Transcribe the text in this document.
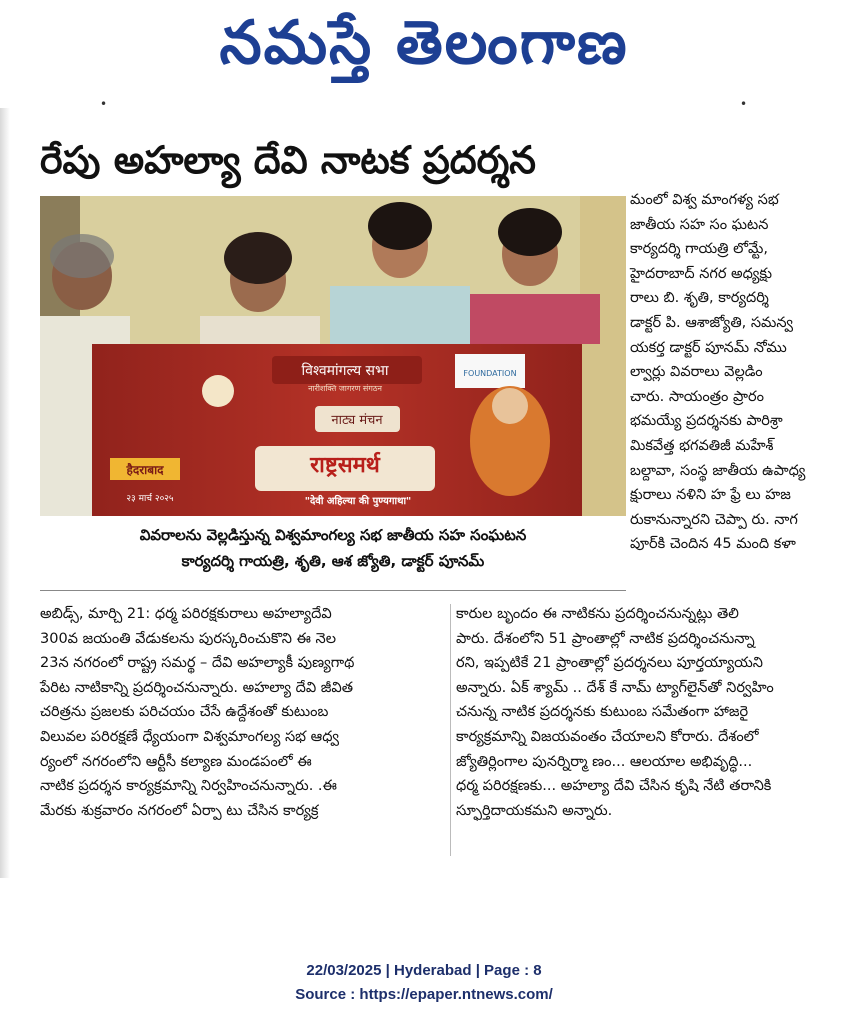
నమస్తే తెలంగాణ
•	•
రేపు అహల్యా దేవి నాటక ప్రదర్శన
विश्वमांगल्य सभा
नारीशक्ति जागरण संगठन
FOUNDATION
नाट्य मंचन
हैदराबाद	राष्ट्रसमर्थ
"देवी अहिल्या की पुण्यगाथा"
२३ मार्च २०२५
వివరాలను వెల్లడిస్తున్న విశ్వమాంగల్య సభ జాతీయ సహ సంఘటన
కార్యదర్శి గాయత్రి, శృతి, ఆశ జ్యోతి, డాక్టర్ పూనమ్

మంలో విశ్వ మాంగళ్య సభ

జాతీయ సహ సం ఘటన

కార్యదర్శి గాయత్రి లోమ్టే,

హైదరాబాద్ నగర అధ్యక్షు

రాలు బి. శృతి, కార్యదర్శి

డాక్టర్ పి. ఆశాజ్యోతి, సమన్వ

యకర్త డాక్టర్ పూనమ్ నోము

ల్వార్లు వివరాలు వెల్లడిం

చారు. సాయంత్రం ప్రారం

భమయ్యే ప్రదర్శనకు పారిశ్రా

మికవేత్త భగవతిజీ మహేశ్

బల్దావా, సంస్థ జాతీయ ఉపాధ్య

క్షురాలు నళిని హ ఫ్రే లు హజ

రుకానున్నారని చెప్పా రు. నాగ

పూర్‌కి చెందిన 45 మంది కళా

అబిడ్స్, మార్చి 21: ధర్మ పరిరక్షకురాలు అహల్యాదేవి

300వ జయంతి వేడుకలను పురస్కరించుకొని ఈ నెల

23న నగరంలో రాష్ట్ర సమర్థ – దేవి అహల్యాకీ పుణ్యగాథ

పేరిట నాటికాన్ని ప్రదర్శించనున్నారు. అహల్యా దేవి జీవిత

చరిత్రను ప్రజలకు పరిచయం చేసే ఉద్దేశంతో కుటుంబ

విలువల పరిరక్షణే ధ్యేయంగా విశ్వమాంగల్య సభ ఆధ్వ

ర్యంలో నగరంలోని ఆర్టీసీ కల్యాణ మండపంలో ఈ

నాటిక ప్రదర్శన కార్యక్రమాన్ని నిర్వహించనున్నారు. .ఈ

మేరకు శుక్రవారం నగరంలో ఏర్పా టు చేసిన కార్యక్ర

కారుల బృందం ఈ నాటికను ప్రదర్శించనున్నట్లు తెలి

పారు. దేశంలోని 51 ప్రాంతాల్లో నాటిక ప్రదర్శించనున్నా

రని, ఇప్పటికే 21 ప్రాంతాల్లో ప్రదర్శనలు పూర్తయ్యాయని

అన్నారు. ఏక్ శ్యామ్ .. దేశ్ కే నామ్ ట్యాగ్‌లైన్‌తో నిర్వహిం

చనున్న నాటిక ప్రదర్శనకు కుటుంబ సమేతంగా హాజరై

కార్యక్రమాన్ని విజయవంతం చేయాలని కోరారు. దేశంలో

జ్యోతిర్లింగాల పునర్నిర్మా ణం... ఆలయాల అభివృద్ధి...

ధర్మ పరిరక్షణకు... అహల్యా దేవి చేసిన కృషి నేటి తరానికి

స్ఫూర్తిదాయకమని అన్నారు.

22/03/2025 | Hyderabad | Page : 8
Source : https://epaper.ntnews.com/
